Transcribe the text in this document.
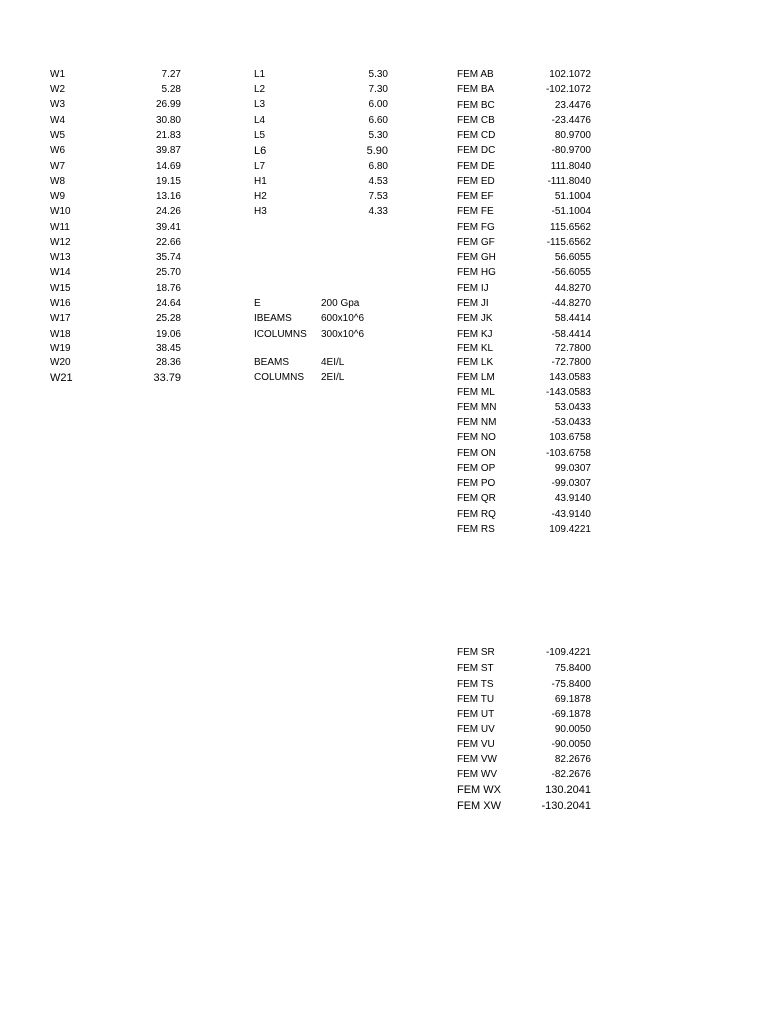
W1	7.27
W2	5.28
W3	26.99
W4	30.80
W5	21.83
W6	39.87
W7	14.69
W8	19.15
W9	13.16
W10	24.26
W11	39.41
W12	22.66
W13	35.74
W14	25.70
W15	18.76
W16	24.64
W17	25.28
W18	19.06
W19	38.45
W20	28.36
W21	33.79
L1	5.30
L2	7.30
L3	6.00
L4	6.60
L5	5.30
L6	5.90
L7	6.80
H1	4.53
H2	7.53
H3	4.33
E	200 Gpa
IBEAMS	600x10^6
ICOLUMNS 300x10^6
BEAMS	4EI/L
COLUMNS 2EI/L
FEM AB	102.1072
FEM BA	-102.1072
FEM BC	23.4476
FEM CB	-23.4476
FEM CD	80.9700
FEM DC	-80.9700
FEM DE	111.8040
FEM ED	-111.8040
FEM EF	51.1004
FEM FE	-51.1004
FEM FG	115.6562
FEM GF	-115.6562
FEM GH	56.6055
FEM HG	-56.6055
FEM IJ	44.8270
FEM JI	-44.8270
FEM JK	58.4414
FEM KJ	-58.4414
FEM KL	72.7800
FEM LK	-72.7800
FEM LM	143.0583
FEM ML	-143.0583
FEM MN	53.0433
FEM NM	-53.0433
FEM NO	103.6758
FEM ON	-103.6758
FEM OP	99.0307
FEM PO	-99.0307
FEM QR	43.9140
FEM RQ	-43.9140
FEM RS	109.4221
FEM SR	-109.4221
FEM ST	75.8400
FEM TS	-75.8400
FEM TU	69.1878
FEM UT	-69.1878
FEM UV	90.0050
FEM VU	-90.0050
FEM VW	82.2676
FEM WV	-82.2676
FEM WX	130.2041
FEM XW	-130.2041
